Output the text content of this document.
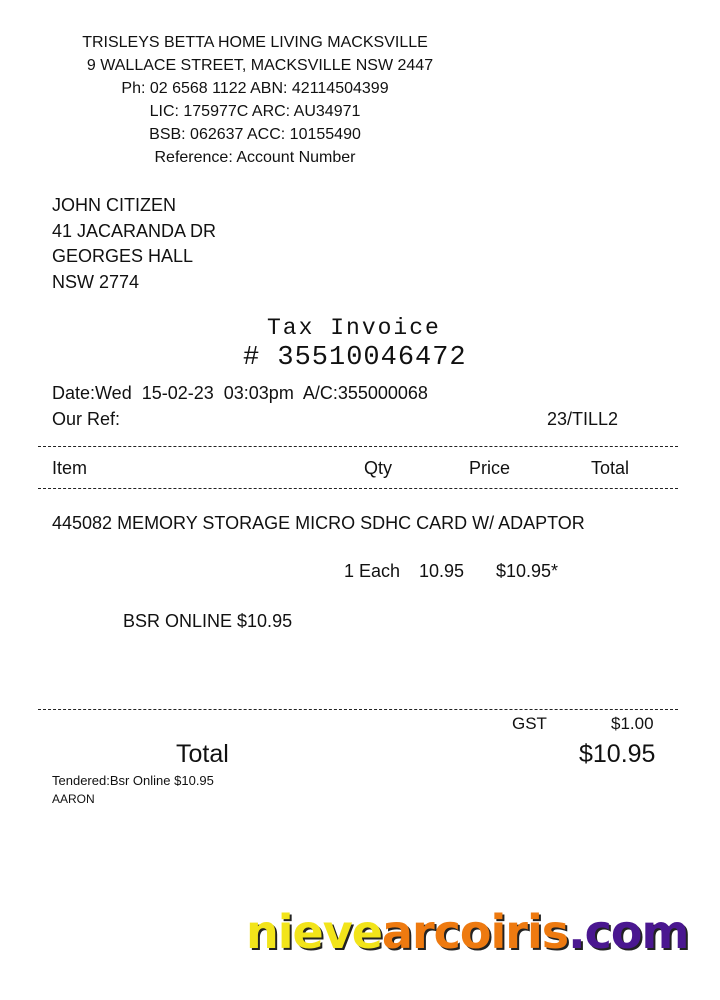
TRISLEYS BETTA HOME LIVING MACKSVILLE
9 WALLACE STREET, MACKSVILLE NSW 2447
Ph: 02 6568 1122 ABN: 42114504399
LIC: 175977C ARC: AU34971
BSB: 062637 ACC: 10155490
Reference: Account Number
JOHN CITIZEN
41 JACARANDA DR
GEORGES HALL
NSW 2774
Tax Invoice
# 35510046472
Date:Wed  15-02-23  03:03pm  A/C:355000068
Our Ref:	23/TILL2
Item	Qty	Price	Total
445082 MEMORY STORAGE MICRO SDHC CARD W/ ADAPTOR
1 Each 10.95 $10.95*
BSR ONLINE $10.95
GST	$1.00
Total	$10.95
Tendered:Bsr Online $10.95
AARON
nievearcoiris.com
